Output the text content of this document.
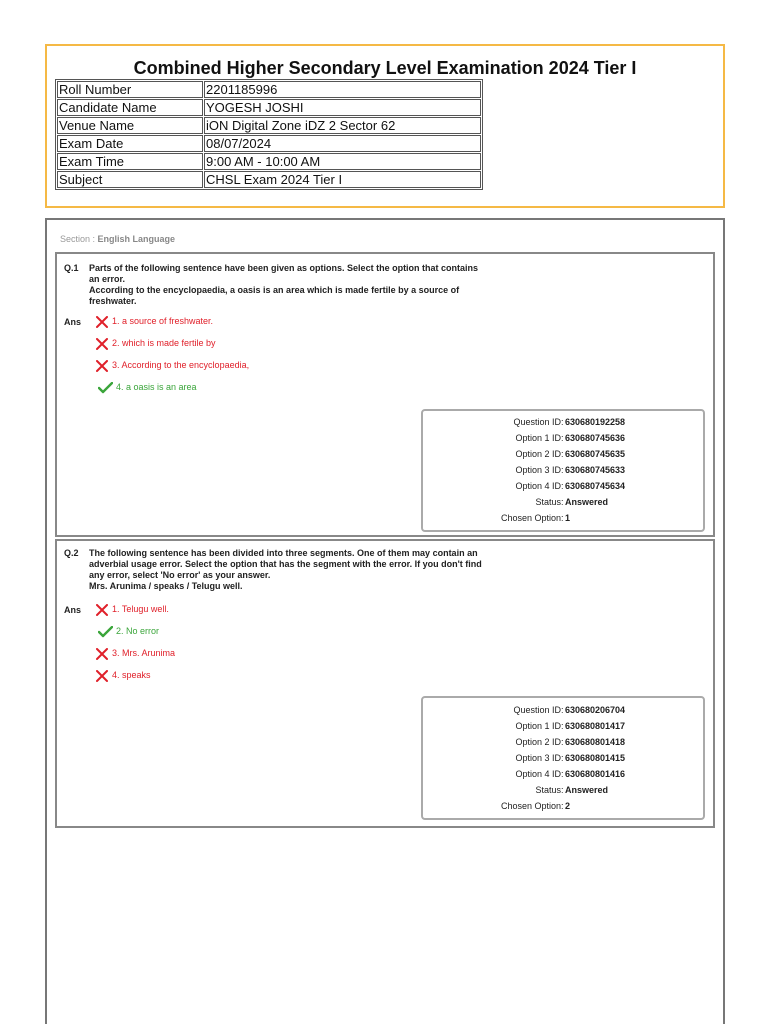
Combined Higher Secondary Level Examination 2024 Tier I
Roll Number	2201185996
Candidate Name	YOGESH JOSHI
Venue Name	iON Digital Zone iDZ 2 Sector 62
Exam Date	08/07/2024
Exam Time	9:00 AM - 10:00 AM
Subject	CHSL Exam 2024 Tier I
Section : English Language
Q.1 Parts of the following sentence have been given as options. Select the option that contains
an error.
According to the encyclopaedia, a oasis is an area which is made fertile by a source of
freshwater.
Ans	1. a source of freshwater.
2. which is made fertile by
3. According to the encyclopaedia,
4. a oasis is an area
Question ID : 630680192258
Option 1 ID : 630680745636
Option 2 ID : 630680745635
Option 3 ID : 630680745633
Option 4 ID : 630680745634
Status : Answered
Chosen Option : 1
Q.2 The following sentence has been divided into three segments. One of them may contain an
adverbial usage error. Select the option that has the segment with the error. If you don't find
any error, select 'No error' as your answer.
Mrs. Arunima / speaks / Telugu well.
Ans	1. Telugu well.
2. No error
3. Mrs. Arunima
4. speaks
Question ID : 630680206704
Option 1 ID : 630680801417
Option 2 ID : 630680801418
Option 3 ID : 630680801415
Option 4 ID : 630680801416
Status : Answered
Chosen Option : 2
